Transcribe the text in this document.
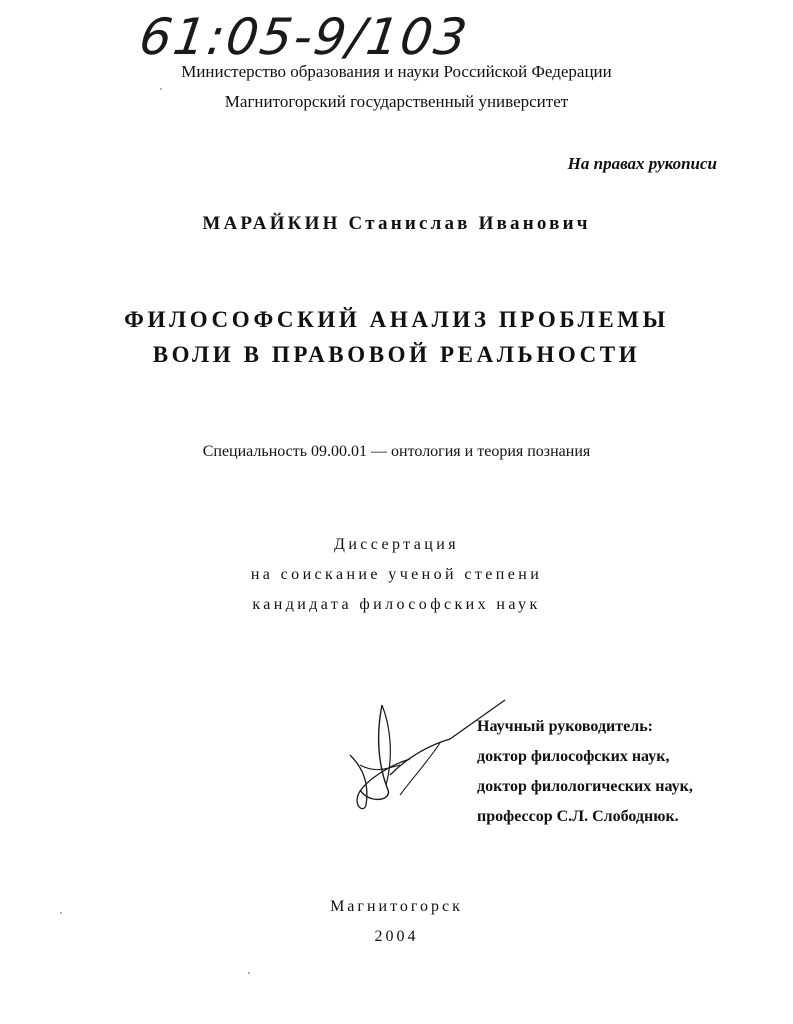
61:05-9/103
Министерство образования и науки Российской Федерации
Магнитогорский государственный университет
На правах рукописи
МАРАЙКИН Станислав Иванович
ФИЛОСОФСКИЙ АНАЛИЗ ПРОБЛЕМЫ
ВОЛИ В ПРАВОВОЙ РЕАЛЬНОСТИ
Специальность 09.00.01 — онтология и теория познания
Диссертация
на соискание ученой степени
кандидата философских наук
Научный руководитель:
доктор философских наук,
доктор филологических наук,
профессор С.Л. Слободнюк.
Магнитогорск
2004
